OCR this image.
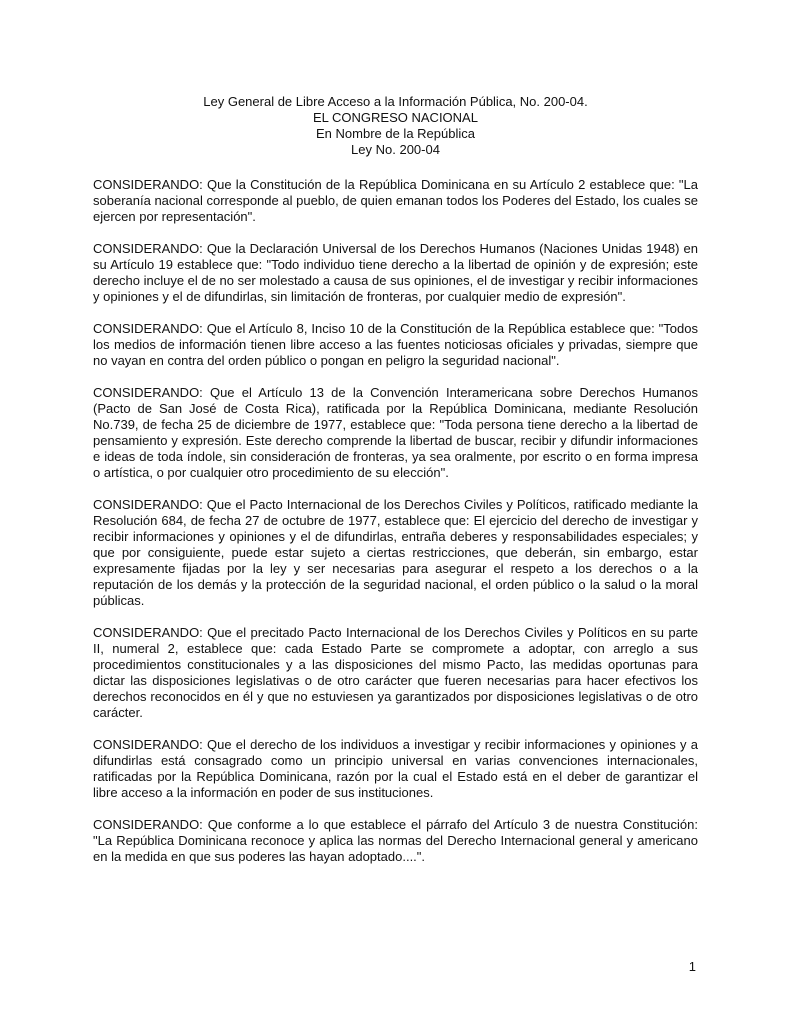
Ley General de Libre Acceso a la Información Pública, No. 200-04.
EL CONGRESO NACIONAL
En Nombre de la República
Ley No. 200-04

CONSIDERANDO: Que la Constitución de la República Dominicana en su Artículo 2 establece que: "La soberanía nacional corresponde al pueblo, de quien emanan todos los Poderes del Estado, los cuales se ejercen por representación".

CONSIDERANDO: Que la Declaración Universal de los Derechos Humanos (Naciones Unidas 1948) en su Artículo 19 establece que: "Todo individuo tiene derecho a la libertad de opinión y de expresión; este derecho incluye el de no ser molestado a causa de sus opiniones, el de investigar y recibir informaciones y opiniones y el de difundirlas, sin limitación de fronteras, por cualquier medio de expresión".

CONSIDERANDO: Que el Artículo 8, Inciso 10 de la Constitución de la República establece que: "Todos los medios de información tienen libre acceso a las fuentes noticiosas oficiales y privadas, siempre que no vayan en contra del orden público o pongan en peligro la seguridad nacional".

CONSIDERANDO: Que el Artículo 13 de la Convención Interamericana sobre Derechos Humanos (Pacto de San José de Costa Rica), ratificada por la República Dominicana, mediante Resolución No.739, de fecha 25 de diciembre de 1977, establece que: "Toda persona tiene derecho a la libertad de pensamiento y expresión. Este derecho comprende la libertad de buscar, recibir y difundir informaciones e ideas de toda índole, sin consideración de fronteras, ya sea oralmente, por escrito o en forma impresa o artística, o por cualquier otro procedimiento de su elección".

CONSIDERANDO: Que el Pacto Internacional de los Derechos Civiles y Políticos, ratificado mediante la Resolución 684, de fecha 27 de octubre de 1977, establece que: El ejercicio del derecho de investigar y recibir informaciones y opiniones y el de difundirlas, entraña deberes y responsabilidades especiales; y que por consiguiente, puede estar sujeto a ciertas restricciones, que deberán, sin embargo, estar expresamente fijadas por la ley y ser necesarias para asegurar el respeto a los derechos o a la reputación de los demás y la protección de la seguridad nacional, el orden público o la salud o la moral públicas.

CONSIDERANDO: Que el precitado Pacto Internacional de los Derechos Civiles y Políticos en su parte II, numeral 2, establece que: cada Estado Parte se compromete a adoptar, con arreglo a sus procedimientos constitucionales y a las disposiciones del mismo Pacto, las medidas oportunas para dictar las disposiciones legislativas o de otro carácter que fueren necesarias para hacer efectivos los derechos reconocidos en él y que no estuviesen ya garantizados por disposiciones legislativas o de otro carácter.

CONSIDERANDO: Que el derecho de los individuos a investigar y recibir informaciones y opiniones y a difundirlas está consagrado como un principio universal en varias convenciones internacionales, ratificadas por la República Dominicana, razón por la cual el Estado está en el deber de garantizar el libre acceso a la información en poder de sus instituciones.

CONSIDERANDO: Que conforme a lo que establece el párrafo del Artículo 3 de nuestra Constitución: "La República Dominicana reconoce y aplica las normas del Derecho Internacional general y americano en la medida en que sus poderes las hayan adoptado....".

1
